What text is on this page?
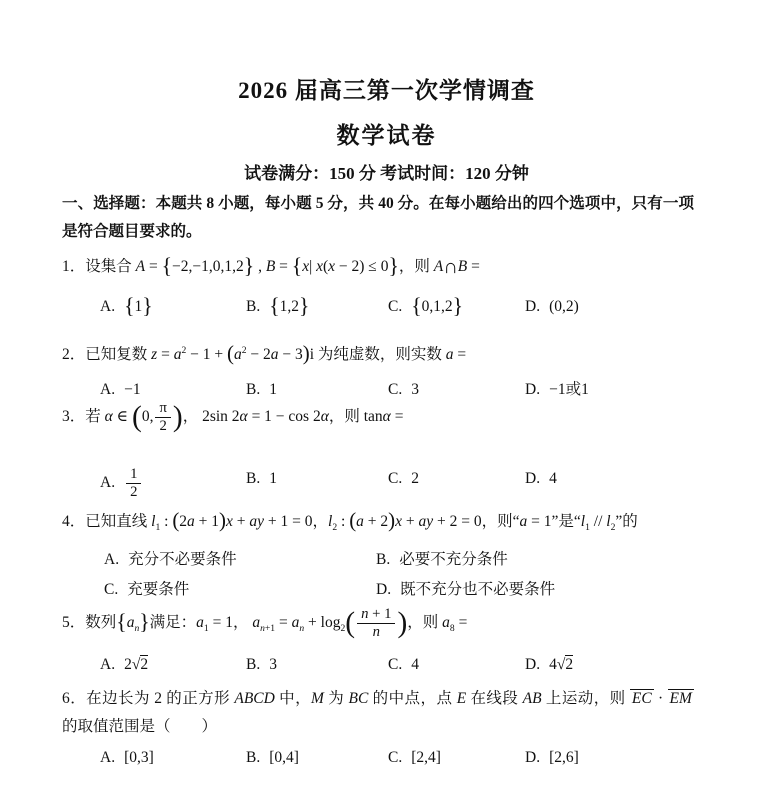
2026 届高三第一次学情调查
数学试卷
试卷满分：150 分 考试时间：120 分钟
一、选择题：本题共 8 小题，每小题 5 分，共 40 分。在每小题给出的四个选项中，只有一项是符合题目要求的。
1．设集合 A = {−2,−1,0,1,2} , B = {x| x(x − 2) ≤ 0}，则 A∩B =
A. {1}	B. {1,2}	C. {0,1,2}	D. (0,2)
2．已知复数 $z = a^2 - 1 + (a^2 - 2a - 3)i$ 为纯虚数，则实数 a =
A. −1	B. 1	C. 3	D. −1或1
3．若 α ∈ (0, $\frac{\pi}{2}$ )， 2sin 2α = 1 − cos 2α，则 tanα =
A. $\frac{1}{2}$	B. 1	C. 2	D. 4
4．已知直线 $l_1$ : (2a + 1)x + ay + 1 = 0，$l_2$ : (a + 2)x + ay + 2 = 0，则“a = 1”是“$l_1 // l_2$”的
A. 充分不必要条件	B. 必要不充分条件
C. 充要条件	D. 既不充分也不必要条件
5．数列$\{a_n\}$满足：$a_1 = 1$， $a_{n+1} = a_n + \log_2( \frac{n + 1}{n}$ )，则 $a_8$ =
A. 2√2	B. 3	C. 4	D. 4√2
6．在边长为 2 的正方形 ABCD 中，M 为 BC 的中点，点 E 在线段 AB 上运动，则 EC · EM 的取值范围是（　　）
A. [0,3]	B. [0,4]	C. [2,4]	D. [2,6]
